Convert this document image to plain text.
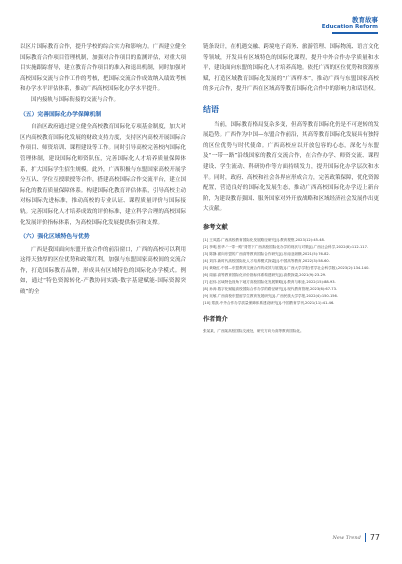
教育故事
Education Reform

以区片国际教育合作，提升学校的综合实力和影响力。广西建立健全国际教育合作项目管理机制，加强对合作项目的监测评估，对重大项目实施跟踪督导，建立教育合作项目的准入和退出机制，同时加强对高校国际交流与合作工作的考核，把国际交流合作成效纳入绩效考核和办学水平评估体系，推动广西高校国际化办学水平提升。

国内接轨与国际衔接的交流与合作。

（五）完善国际化办学保障机制

自治区政府通过建立健全高校教育国际化专项基金制度，加大对区内高校教育国际化发展的财政支持力度，支持区内高校开展国际合作项目、师资培训、课程建设等工作。同时引导高校完善校内国际化管理体制，建设国际化师资队伍，完善国际化人才培养质量保障体系，扩大国际学生招生规模。此外，广西积极与东盟国家高校开展学分互认、学位互授联授等合作，搭建高校国际合作交流平台，建立国际化的教育质量保障体系。构建国际化教育评估体系，引导高校主动对标国际先进标准，推动高校的专业认证、课程质量评价与国际接轨。完善国际化人才培养成效的评价标准，建立科学合理的高校国际化发展评价指标体系，为高校国际化发展提供指引和支撑。

（六）强化区域特色与优势

广西是我国面向东盟开放合作的前沿窗口，广西的高校可以利用这得天独厚的区位优势和政策红利，加强与东盟国家高校间的交流合作，打造国际教育品牌，形成具有区域特色的国际化办学模式。例如，通过“特色资源转化-产教协同实践-数字基建赋能-国际资源突破”的全

链条设计，在机遇交融、跨境电子商务、旅游管理、国际物流、语言文化等领域，开发具有区域特色的国际化课程，提升中外合作办学质量和水平，建设面向东盟的国际化人才培养高地。依托广西的区位优势和资源禀赋，打造区域教育国际化发展的“广西样本”，推动广西与东盟国家高校的多元合作，提升广西在区域高等教育国际化合作中的影响力和话语权。

结语

当前，国际教育格局复杂多变，但高等教育国际化仍是不可逆转的发展趋势。广西作为中国—东盟合作前沿，其高等教育国际化发展具有独特的区位优势与时代使命。广西高校应以开放包容的心态，深化与东盟及“一带一路”沿线国家的教育交流合作，在合作办学、师资交流、课程建设、学生流动、科研协作等方面持续发力，提升国际化办学层次和水平。同时，政府、高校和社会各界应形成合力，完善政策保障，优化资源配置，营造良好的国际化发展生态，推动广西高校国际化办学迈上新台阶，为建设教育强国、服务国家对外开放战略和区域经济社会发展作出更大贡献。

参考文献
[1] 王凤霞.广西高校教育国际化发展路径研究[J].教育观察,2023(12):45-48.
[2] 李明,张华.“一带一路”背景下广西高校国际化办学的现状与对策[J].广西社会科学,2022(8):112-117.
[3] 陈静.面向东盟的广西高等教育国际合作研究[J].东南亚纵横,2021(5):76-82.
[4] 刘洋.新时代高校国际化人才培养模式探索[J].中国高等教育,2022(3):58-60.
[5] 黄晓红.中国—东盟教育交流合作的成效与展望[J].广西大学学报(哲学社会科学版),2023(2):134-140.
[6] 周丽.高等教育国际化评价指标体系构建研究[J].高教探索,2021(9):23-29.
[7] 赵伟.区域特色视角下地方高校国际化发展策略[J].教育与职业,2022(15):88-93.
[8] 孙涛.数字化赋能高校国际合作办学的路径研究[J].现代教育管理,2023(6):67-73.
[9] 吴敏.广西高校东盟留学生教育发展研究[J].广西民族大学学报,2022(4):150-156.
[10] 郑凯.中外合作办学质量保障体系建设研究[J].中国教育学刊,2021(11):41-46.
作者简介
张某某，广西某高校国际交流处，研究方向为高等教育国际化。
New Trend 77
